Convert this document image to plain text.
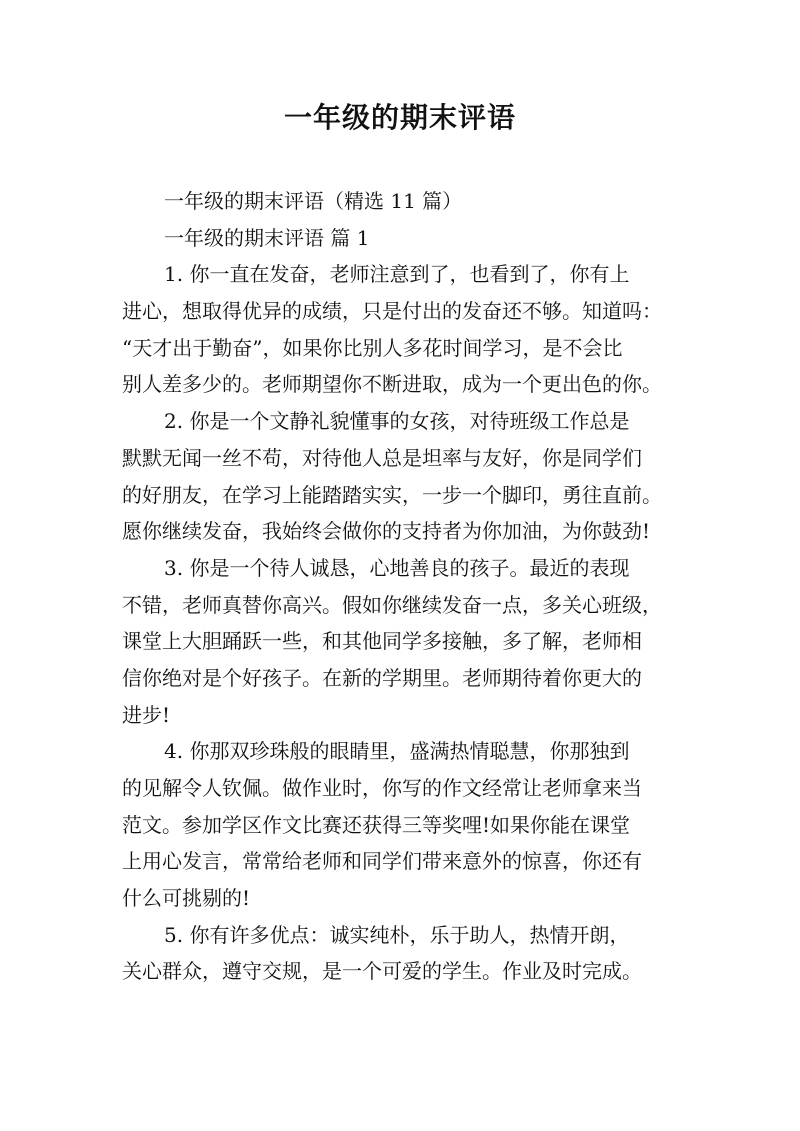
一年级的期末评语
一年级的期末评语（精选 11 篇）
一年级的期末评语 篇 1
1. 你一直在发奋，老师注意到了，也看到了，你有上
进心，想取得优异的成绩，只是付出的发奋还不够。知道吗：
“天才出于勤奋”，如果你比别人多花时间学习，是不会比
别人差多少的。老师期望你不断进取，成为一个更出色的你。
2. 你是一个文静礼貌懂事的女孩，对待班级工作总是
默默无闻一丝不苟，对待他人总是坦率与友好，你是同学们
的好朋友，在学习上能踏踏实实，一步一个脚印，勇往直前。
愿你继续发奋，我始终会做你的支持者为你加油，为你鼓劲!
3. 你是一个待人诚恳，心地善良的孩子。最近的表现
不错，老师真替你高兴。假如你继续发奋一点，多关心班级，
课堂上大胆踊跃一些，和其他同学多接触，多了解，老师相
信你绝对是个好孩子。在新的学期里。老师期待着你更大的
进步!
4. 你那双珍珠般的眼睛里，盛满热情聪慧，你那独到
的见解令人钦佩。做作业时，你写的作文经常让老师拿来当
范文。参加学区作文比赛还获得三等奖哩!如果你能在课堂
上用心发言，常常给老师和同学们带来意外的惊喜，你还有
什么可挑剔的!
5. 你有许多优点：诚实纯朴，乐于助人，热情开朗，
关心群众，遵守交规，是一个可爱的学生。作业及时完成。
